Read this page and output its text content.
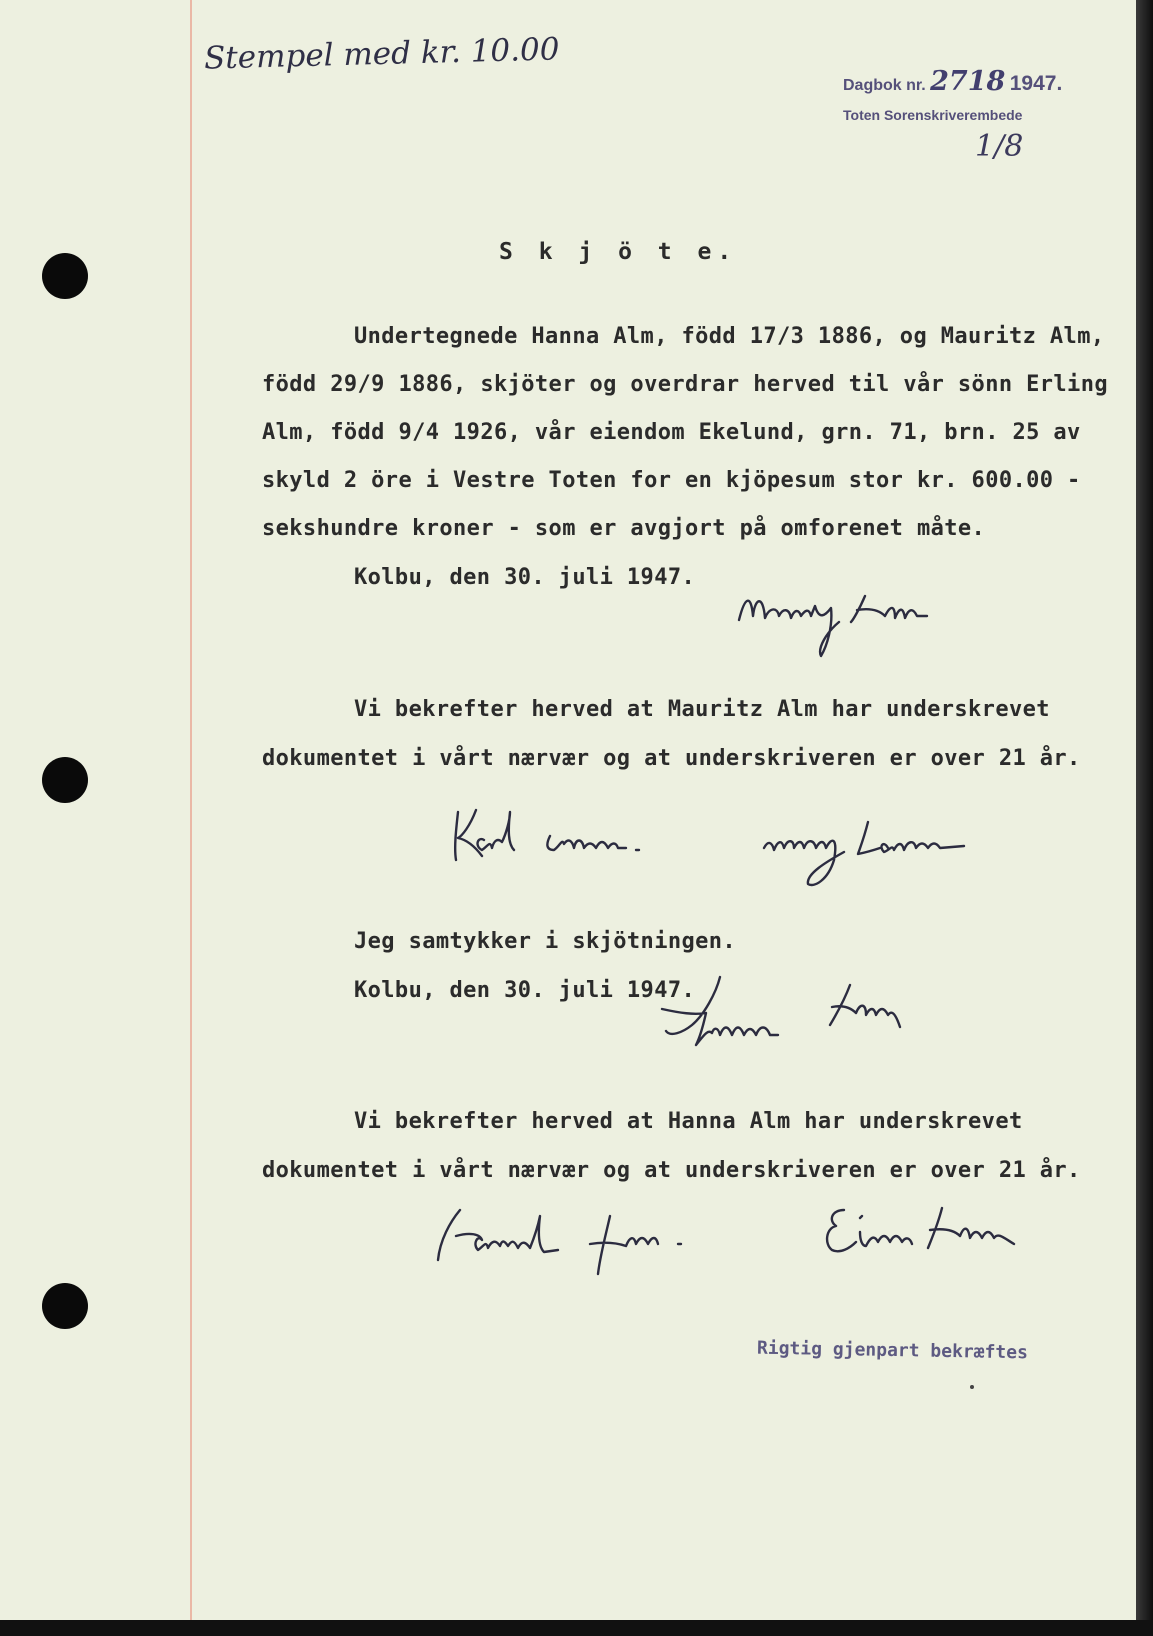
Stempel med kr. 10.00
Dagbok nr. 2718 1947.
Toten Sorenskriverembede
1/8
S k j ö t e.
Undertegnede Hanna Alm, född 17/3 1886, og Mauritz Alm,
född 29/9 1886, skjöter og overdrar herved til vår sönn Erling
Alm, född 9/4 1926, vår eiendom Ekelund, grn. 71, brn. 25 av
skyld 2 öre i Vestre Toten for en kjöpesum stor kr. 600.00 -
sekshundre kroner - som er avgjort på omforenet måte.
Kolbu, den 30. juli 1947.
Vi bekrefter herved at Mauritz Alm har underskrevet
dokumentet i vårt nærvær og at underskriveren er over 21 år.
Jeg samtykker i skjötningen.
Kolbu, den 30. juli 1947.
Vi bekrefter herved at Hanna Alm har underskrevet
dokumentet i vårt nærvær og at underskriveren er over 21 år.
Rigtig gjenpart bekræftes
